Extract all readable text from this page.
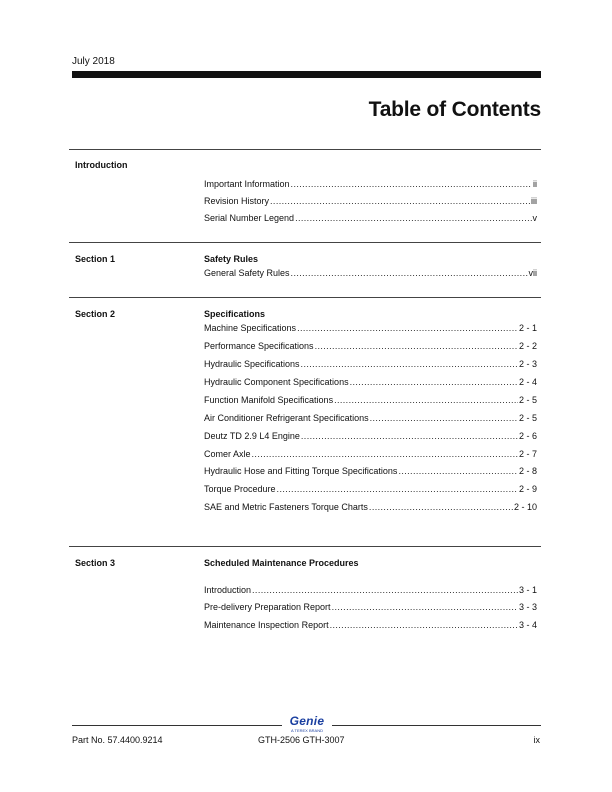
July 2018
Table of Contents
Introduction
Important Information .....	ii
Revision History .....	iii
Serial Number Legend .....	v
Section 1	Safety Rules
General Safety Rules .....	vii
Section 2	Specifications
Machine Specifications .....	2 - 1
Performance Specifications .....	2 - 2
Hydraulic Specifications .....	2 - 3
Hydraulic Component Specifications .....	2 - 4
Function Manifold Specifications .....	2 - 5
Air Conditioner Refrigerant Specifications .....	2 - 5
Deutz TD 2.9 L4 Engine .....	2 - 6
Comer Axle .....	2 - 7
Hydraulic Hose and Fitting Torque Specifications .....	2 - 8
Torque Procedure .....	2 - 9
SAE and Metric Fasteners Torque Charts .....	2 - 10
Section 3	Scheduled Maintenance Procedures
Introduction .....	3 - 1
Pre-delivery Preparation Report .....	3 - 3
Maintenance Inspection Report .....	3 - 4
Genie
A TEREX BRAND
Part No. 57.4400.9214	GTH-2506 GTH-3007	ix
